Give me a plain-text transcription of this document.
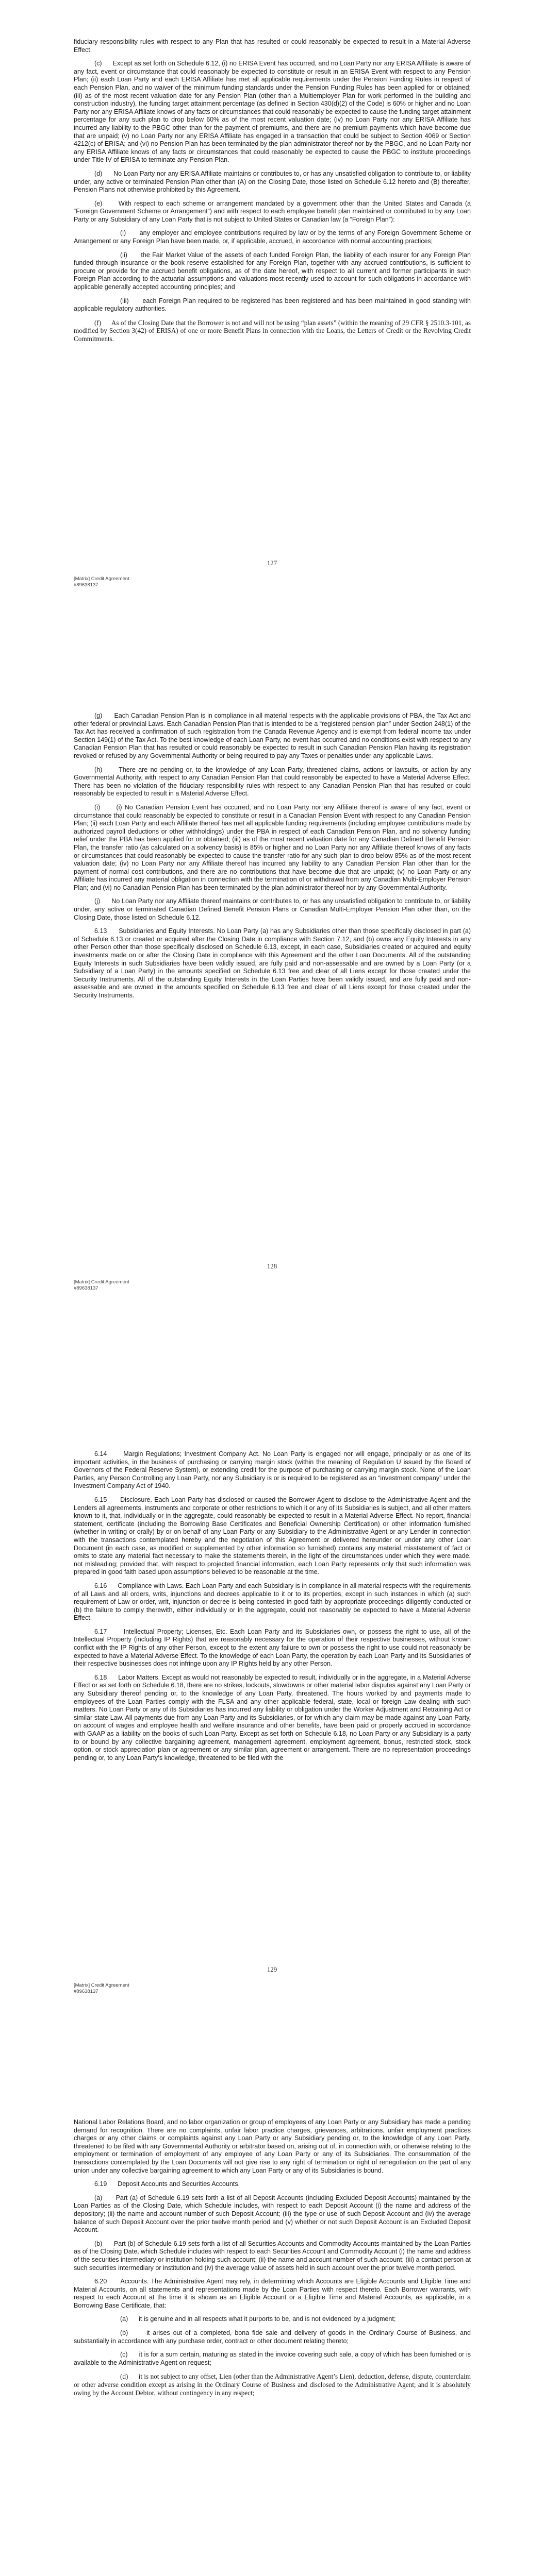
fiduciary responsibility rules with respect to any Plan that has resulted or could reasonably be expected to result in a Material Adverse Effect.

(c)      Except as set forth on Schedule 6.12, (i) no ERISA Event has occurred, and no Loan Party nor any ERISA Affiliate is aware of any fact, event or circumstance that could reasonably be expected to constitute or result in an ERISA Event with respect to any Pension Plan; (ii) each Loan Party and each ERISA Affiliate has met all applicable requirements under the Pension Funding Rules in respect of each Pension Plan, and no waiver of the minimum funding standards under the Pension Funding Rules has been applied for or obtained; (iii) as of the most recent valuation date for any Pension Plan (other than a Multiemployer Plan for work performed in the building and construction industry), the funding target attainment percentage (as defined in Section 430(d)(2) of the Code) is 60% or higher and no Loan Party nor any ERISA Affiliate knows of any facts or circumstances that could reasonably be expected to cause the funding target attainment percentage for any such plan to drop below 60% as of the most recent valuation date; (iv) no Loan Party nor any ERISA Affiliate has incurred any liability to the PBGC other than for the payment of premiums, and there are no premium payments which have become due that are unpaid; (v) no Loan Party nor any ERISA Affiliate has engaged in a transaction that could be subject to Section 4069 or Section 4212(c) of ERISA; and (vi) no Pension Plan has been terminated by the plan administrator thereof nor by the PBGC, and no Loan Party nor any ERISA Affiliate knows of any facts or circumstances that could reasonably be expected to cause the PBGC to institute proceedings under Title IV of ERISA to terminate any Pension Plan.

(d)      No Loan Party nor any ERISA Affiliate maintains or contributes to, or has any unsatisfied obligation to contribute to, or liability under, any active or terminated Pension Plan other than (A) on the Closing Date, those listed on Schedule 6.12 hereto and (B) thereafter, Pension Plans not otherwise prohibited by this Agreement.

(e)      With respect to each scheme or arrangement mandated by a government other than the United States and Canada (a “Foreign Government Scheme or Arrangement”) and with respect to each employee benefit plan maintained or contributed to by any Loan Party or any Subsidiary of any Loan Party that is not subject to United States or Canadian law (a “Foreign Plan”):

(i)      any employer and employee contributions required by law or by the terms of any Foreign Government Scheme or Arrangement or any Foreign Plan have been made, or, if applicable, accrued, in accordance with normal accounting practices;

(ii)      the Fair Market Value of the assets of each funded Foreign Plan, the liability of each insurer for any Foreign Plan funded through insurance or the book reserve established for any Foreign Plan, together with any accrued contributions, is sufficient to procure or provide for the accrued benefit obligations, as of the date hereof, with respect to all current and former participants in such Foreign Plan according to the actuarial assumptions and valuations most recently used to account for such obligations in accordance with applicable generally accepted accounting principles; and

(iii)      each Foreign Plan required to be registered has been registered and has been maintained in good standing with applicable regulatory authorities.

(f)      As of the Closing Date that the Borrower is not and will not be using “plan assets” (within the meaning of 29 CFR § 2510.3-101, as modified by Section 3(42) of ERISA) of one or more Benefit Plans in connection with the Loans, the Letters of Credit or the Revolving Credit Commitments.

127
[Matrix] Credit Agreement
#89638137

(g)      Each Canadian Pension Plan is in compliance in all material respects with the applicable provisions of PBA, the Tax Act and other federal or provincial Laws. Each Canadian Pension Plan that is intended to be a “registered pension plan” under Section 248(1) of the Tax Act has received a confirmation of such registration from the Canada Revenue Agency and is exempt from federal income tax under Section 149(1) of the Tax Act. To the best knowledge of each Loan Party, no event has occurred and no conditions exist with respect to any Canadian Pension Plan that has resulted or could reasonably be expected to result in such Canadian Pension Plan having its registration revoked or refused by any Governmental Authority or being required to pay any Taxes or penalties under any applicable Laws.

(h)      There are no pending or, to the knowledge of any Loan Party, threatened claims, actions or lawsuits, or action by any Governmental Authority, with respect to any Canadian Pension Plan that could reasonably be expected to have a Material Adverse Effect. There has been no violation of the fiduciary responsibility rules with respect to any Canadian Pension Plan that has resulted or could reasonably be expected to result in a Material Adverse Effect.

(i)      (i) No Canadian Pension Event has occurred, and no Loan Party nor any Affiliate thereof is aware of any fact, event or circumstance that could reasonably be expected to constitute or result in a Canadian Pension Event with respect to any Canadian Pension Plan; (ii) each Loan Party and each Affiliate thereof has met all applicable funding requirements (including employee contributions made by authorized payroll deductions or other withholdings) under the PBA in respect of each Canadian Pension Plan, and no solvency funding relief under the PBA has been applied for or obtained; (iii) as of the most recent valuation date for any Canadian Defined Benefit Pension Plan, the transfer ratio (as calculated on a solvency basis) is 85% or higher and no Loan Party nor any Affiliate thereof knows of any facts or circumstances that could reasonably be expected to cause the transfer ratio for any such plan to drop below 85% as of the most recent valuation date; (iv) no Loan Party nor any Affiliate thereof has incurred any liability to any Canadian Pension Plan other than for the payment of normal cost contributions, and there are no contributions that have become due that are unpaid; (v) no Loan Party or any Affiliate has incurred any material obligation in connection with the termination of or withdrawal from any Canadian Multi-Employer Pension Plan; and (vi) no Canadian Pension Plan has been terminated by the plan administrator thereof nor by any Governmental Authority.

(j)      No Loan Party nor any Affiliate thereof maintains or contributes to, or has any unsatisfied obligation to contribute to, or liability under, any active or terminated Canadian Defined Benefit Pension Plans or Canadian Multi-Employer Pension Plan other than, on the Closing Date, those listed on Schedule 6.12.

6.13      Subsidiaries and Equity Interests. No Loan Party (a) has any Subsidiaries other than those specifically disclosed in part (a) of Schedule 6.13 or created or acquired after the Closing Date in compliance with Section 7.12, and (b) owns any Equity Interests in any other Person other than those specifically disclosed on Schedule 6.13, except, in each case, Subsidiaries created or acquired and equity investments made on or after the Closing Date in compliance with this Agreement and the other Loan Documents. All of the outstanding Equity Interests in such Subsidiaries have been validly issued, are fully paid and non-assessable and are owned by a Loan Party (or a Subsidiary of a Loan Party) in the amounts specified on Schedule 6.13 free and clear of all Liens except for those created under the Security Instruments. All of the outstanding Equity Interests in the Loan Parties have been validly issued, and are fully paid and non-assessable and are owned in the amounts specified on Schedule 6.13 free and clear of all Liens except for those created under the Security Instruments.

128
[Matrix] Credit Agreement
#89638137

6.14      Margin Regulations; Investment Company Act. No Loan Party is engaged nor will engage, principally or as one of its important activities, in the business of purchasing or carrying margin stock (within the meaning of Regulation U issued by the Board of Governors of the Federal Reserve System), or extending credit for the purpose of purchasing or carrying margin stock. None of the Loan Parties, any Person Controlling any Loan Party, nor any Subsidiary is or is required to be registered as an “investment company” under the Investment Company Act of 1940.

6.15      Disclosure. Each Loan Party has disclosed or caused the Borrower Agent to disclose to the Administrative Agent and the Lenders all agreements, instruments and corporate or other restrictions to which it or any of its Subsidiaries is subject, and all other matters known to it, that, individually or in the aggregate, could reasonably be expected to result in a Material Adverse Effect. No report, financial statement, certificate (including the Borrowing Base Certificates and Beneficial Ownership Certification) or other information furnished (whether in writing or orally) by or on behalf of any Loan Party or any Subsidiary to the Administrative Agent or any Lender in connection with the transactions contemplated hereby and the negotiation of this Agreement or delivered hereunder or under any other Loan Document (in each case, as modified or supplemented by other information so furnished) contains any material misstatement of fact or omits to state any material fact necessary to make the statements therein, in the light of the circumstances under which they were made, not misleading; provided that, with respect to projected financial information, each Loan Party represents only that such information was prepared in good faith based upon assumptions believed to be reasonable at the time.

6.16      Compliance with Laws. Each Loan Party and each Subsidiary is in compliance in all material respects with the requirements of all Laws and all orders, writs, injunctions and decrees applicable to it or to its properties, except in such instances in which (a) such requirement of Law or order, writ, injunction or decree is being contested in good faith by appropriate proceedings diligently conducted or (b) the failure to comply therewith, either individually or in the aggregate, could not reasonably be expected to have a Material Adverse Effect.

6.17      Intellectual Property; Licenses, Etc. Each Loan Party and its Subsidiaries own, or possess the right to use, all of the Intellectual Property (including IP Rights) that are reasonably necessary for the operation of their respective businesses, without known conflict with the IP Rights of any other Person, except to the extent any failure to own or possess the right to use could not reasonably be expected to have a Material Adverse Effect. To the knowledge of each Loan Party, the operation by each Loan Party and its Subsidiaries of their respective businesses does not infringe upon any IP Rights held by any other Person.

6.18      Labor Matters. Except as would not reasonably be expected to result, individually or in the aggregate, in a Material Adverse Effect or as set forth on Schedule 6.18, there are no strikes, lockouts, slowdowns or other material labor disputes against any Loan Party or any Subsidiary thereof pending or, to the knowledge of any Loan Party, threatened. The hours worked by and payments made to employees of the Loan Parties comply with the FLSA and any other applicable federal, state, local or foreign Law dealing with such matters. No Loan Party or any of its Subsidiaries has incurred any liability or obligation under the Worker Adjustment and Retraining Act or similar state Law. All payments due from any Loan Party and its Subsidiaries, or for which any claim may be made against any Loan Party, on account of wages and employee health and welfare insurance and other benefits, have been paid or properly accrued in accordance with GAAP as a liability on the books of such Loan Party. Except as set forth on Schedule 6.18, no Loan Party or any Subsidiary is a party to or bound by any collective bargaining agreement, management agreement, employment agreement, bonus, restricted stock, stock option, or stock appreciation plan or agreement or any similar plan, agreement or arrangement. There are no representation proceedings pending or, to any Loan Party’s knowledge, threatened to be filed with the

129
[Matrix] Credit Agreement
#89638137

National Labor Relations Board, and no labor organization or group of employees of any Loan Party or any Subsidiary has made a pending demand for recognition. There are no complaints, unfair labor practice charges, grievances, arbitrations, unfair employment practices charges or any other claims or complaints against any Loan Party or any Subsidiary pending or, to the knowledge of any Loan Party, threatened to be filed with any Governmental Authority or arbitrator based on, arising out of, in connection with, or otherwise relating to the employment or termination of employment of any employee of any Loan Party or any of its Subsidiaries. The consummation of the transactions contemplated by the Loan Documents will not give rise to any right of termination or right of renegotiation on the part of any union under any collective bargaining agreement to which any Loan Party or any of its Subsidiaries is bound.

6.19      Deposit Accounts and Securities Accounts.

(a)      Part (a) of Schedule 6.19 sets forth a list of all Deposit Accounts (including Excluded Deposit Accounts) maintained by the Loan Parties as of the Closing Date, which Schedule includes, with respect to each Deposit Account (i) the name and address of the depository; (ii) the name and account number of such Deposit Account; (iii) the type or use of such Deposit Account and (iv) the average balance of such Deposit Account over the prior twelve month period and (v) whether or not such Deposit Account is an Excluded Deposit Account.

(b)      Part (b) of Schedule 6.19 sets forth a list of all Securities Accounts and Commodity Accounts maintained by the Loan Parties as of the Closing Date, which Schedule includes with respect to each Securities Account and Commodity Account (i) the name and address of the securities intermediary or institution holding such account; (ii) the name and account number of such account; (iii) a contact person at such securities intermediary or institution and (iv) the average value of assets held in such account over the prior twelve month period.

6.20      Accounts. The Administrative Agent may rely, in determining which Accounts are Eligible Accounts and Eligible Time and Material Accounts, on all statements and representations made by the Loan Parties with respect thereto. Each Borrower warrants, with respect to each Account at the time it is shown as an Eligible Account or a Eligible Time and Material Accounts, as applicable, in a Borrowing Base Certificate, that:

(a)      it is genuine and in all respects what it purports to be, and is not evidenced by a judgment;

(b)      it arises out of a completed, bona fide sale and delivery of goods in the Ordinary Course of Business, and substantially in accordance with any purchase order, contract or other document relating thereto;

(c)      it is for a sum certain, maturing as stated in the invoice covering such sale, a copy of which has been furnished or is available to the Administrative Agent on request;

(d)      it is not subject to any offset, Lien (other than the Administrative Agent’s Lien), deduction, defense, dispute, counterclaim or other adverse condition except as arising in the Ordinary Course of Business and disclosed to the Administrative Agent; and it is absolutely owing by the Account Debtor, without contingency in any respect;
